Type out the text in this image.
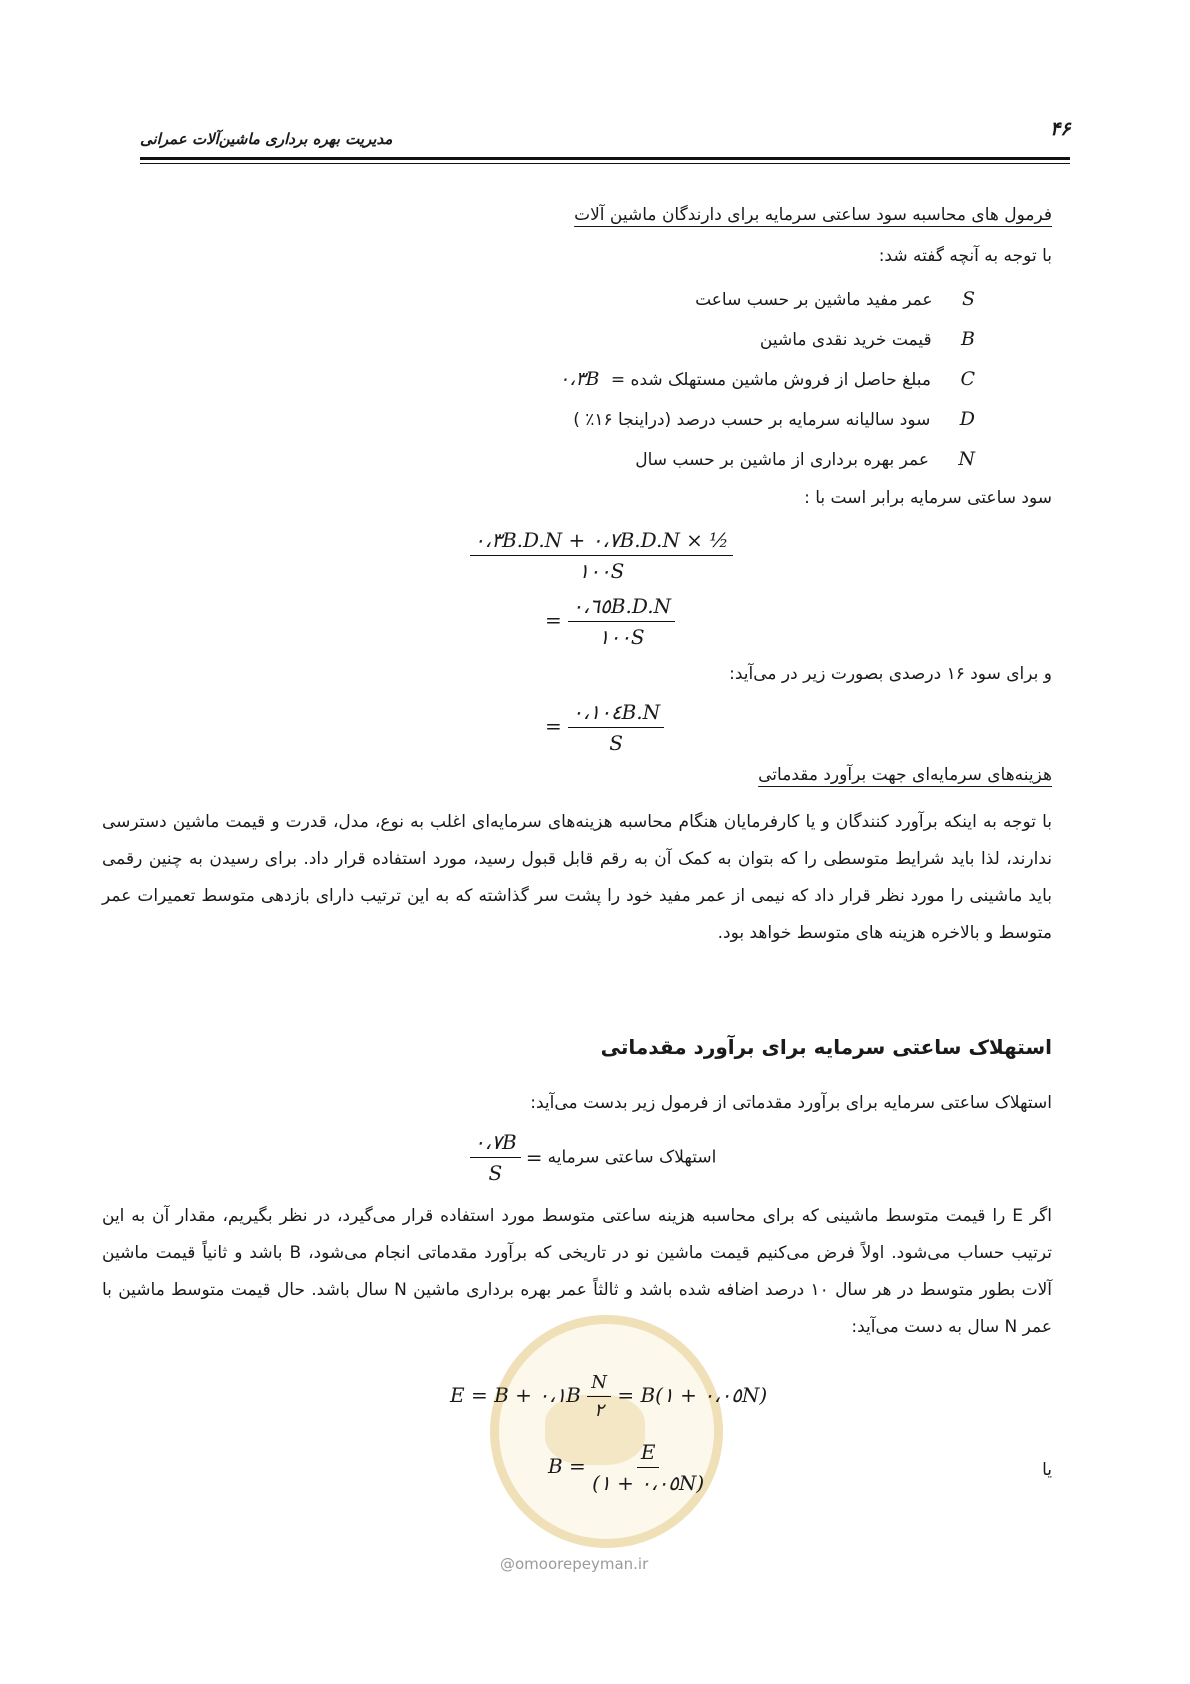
مدیریت بهره برداری ماشین‌آلات عمرانی	۴۶
فرمول های محاسبه سود ساعتی سرمایه برای دارندگان ماشین آلات
با توجه به آنچه گفته شد:
S عمر مفید ماشین بر حسب ساعت
B قیمت خرید نقدی ماشین
C مبلغ حاصل از فروش ماشین مستهلک شده = ۰،۳B
D سود سالیانه سرمایه بر حسب درصد (دراینجا ۱۶٪ )
N عمر بهره برداری از ماشین بر حسب سال
سود ساعتی سرمایه برابر است با :
$\frac{\text{۰،۳B.D.N + ۰،۷B.D.N × ½}}{۱۰۰S}$
= $\frac{۰،٦٥B.D.N}{۱۰۰S}$
و برای سود ۱۶ درصدی بصورت زیر در می‌آید:
= $\frac{۰،۱۰٤B.N}{S}$
هزینه‌های سرمایه‌ای جهت برآورد مقدماتی
با توجه به اینکه برآورد کنندگان و یا کارفرمایان هنگام محاسبه هزینه‌های سرمایه‌ای اغلب به نوع، مدل، قدرت و قیمت ماشین دسترسی ندارند، لذا باید شرایط متوسطی را که بتوان به کمک آن به رقم قابل قبول رسید، مورد استفاده قرار داد. برای رسیدن به چنین رقمی باید ماشینی را مورد نظر قرار داد که نیمی از عمر مفید خود را پشت سر گذاشته که به این ترتیب دارای بازدهی متوسط تعمیرات عمر متوسط و بالاخره هزینه های متوسط خواهد بود.
استهلاک ساعتی سرمایه برای برآورد مقدماتی
استهلاک ساعتی سرمایه برای برآورد مقدماتی از فرمول زیر بدست می‌آید:
استهلاک ساعتی سرمایه =
$\frac{۰،۷B}{S}$
اگر E را قیمت متوسط ماشینی که برای محاسبه هزینه ساعتی متوسط مورد استفاده قرار می‌گیرد، در نظر بگیریم، مقدار آن به این ترتیب حساب می‌شود. اولاً فرض می‌کنیم قیمت ماشین نو در تاریخی که برآورد مقدماتی انجام می‌شود، B باشد و ثانیاً قیمت ماشین آلات بطور متوسط در هر سال ۱۰ درصد اضافه شده باشد و ثالثاً عمر بهره برداری ماشین N سال باشد. حال قیمت متوسط ماشین با عمر N سال به دست می‌آید:
@omoorepeyman.ir
E = B + ۰،۱B $\frac{N}{۲}$ = B(۱ + ۰،۰٥N)
$B = \frac{E}{(۱ + ۰،۰٥N)}$	یا
